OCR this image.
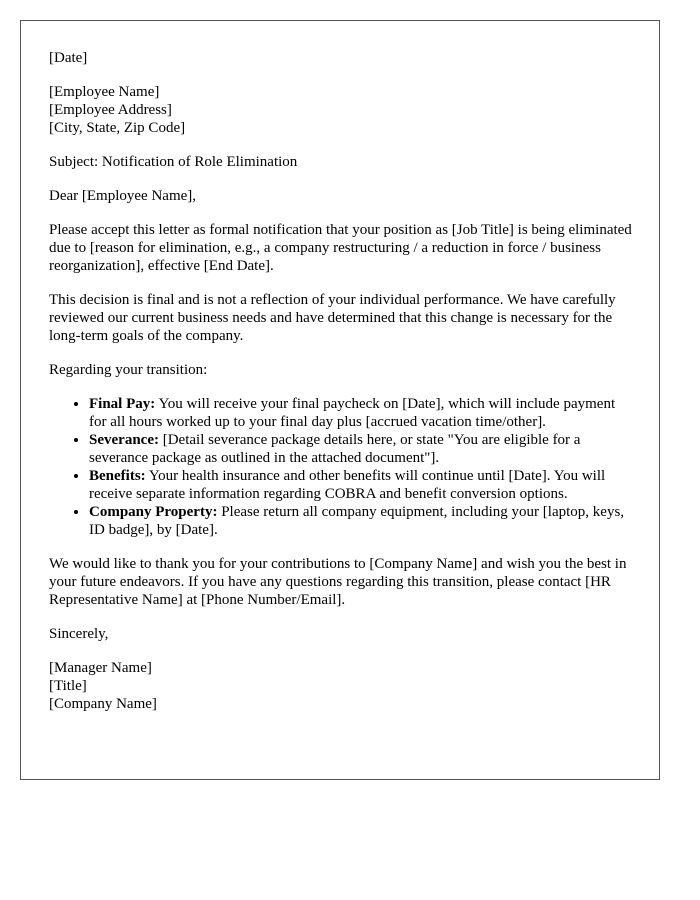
[Date]

[Employee Name]
[Employee Address]
[City, State, Zip Code]

Subject: Notification of Role Elimination

Dear [Employee Name],

Please accept this letter as formal notification that your position as [Job Title] is being eliminated due to [reason for elimination, e.g., a company restructuring / a reduction in force / business reorganization], effective [End Date].

This decision is final and is not a reflection of your individual performance. We have carefully reviewed our current business needs and have determined that this change is necessary for the long-term goals of the company.

Regarding your transition:

• Final Pay: You will receive your final paycheck on [Date], which will include payment for all hours worked up to your final day plus [accrued vacation time/other].
• Severance: [Detail severance package details here, or state "You are eligible for a severance package as outlined in the attached document"].
• Benefits: Your health insurance and other benefits will continue until [Date]. You will receive separate information regarding COBRA and benefit conversion options.
• Company Property: Please return all company equipment, including your [laptop, keys, ID badge], by [Date].

We would like to thank you for your contributions to [Company Name] and wish you the best in your future endeavors. If you have any questions regarding this transition, please contact [HR Representative Name] at [Phone Number/Email].

Sincerely,

[Manager Name]
[Title]
[Company Name]
